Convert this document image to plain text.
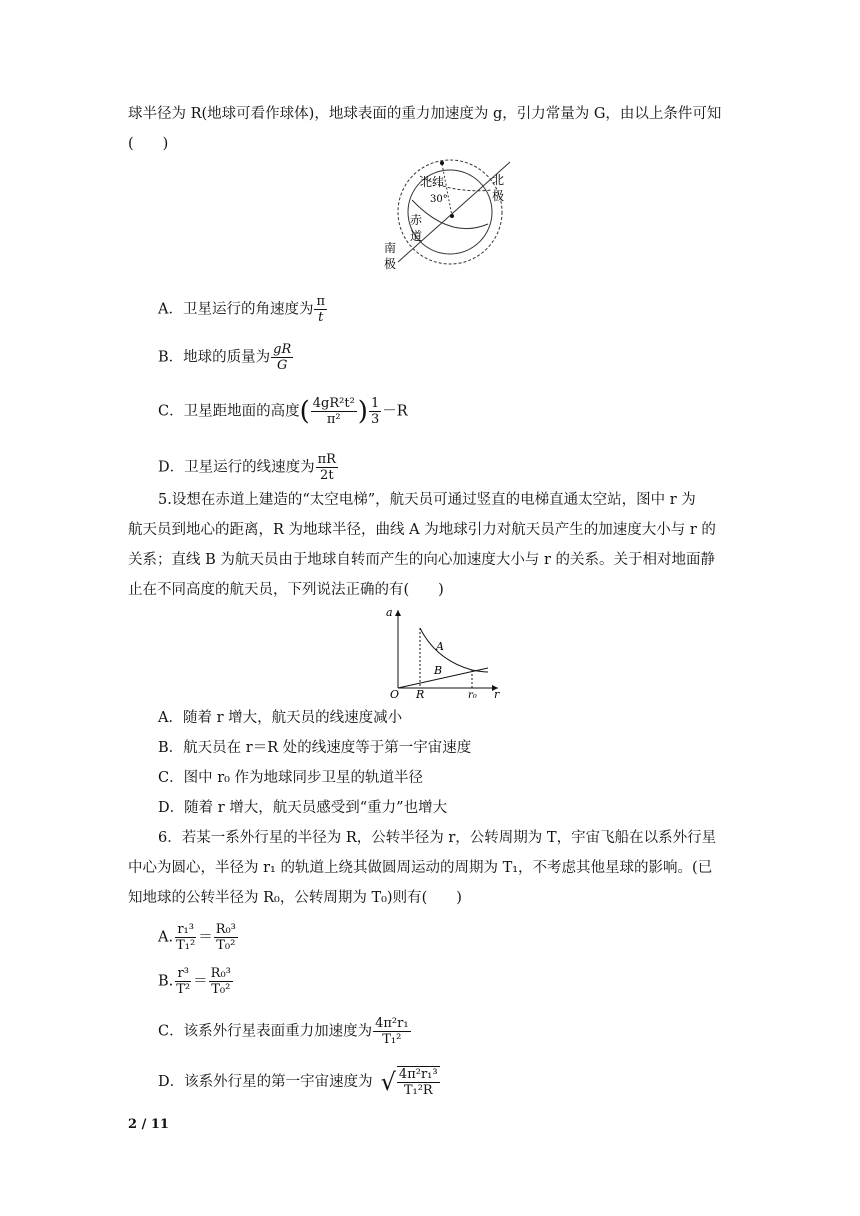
球半径为 R(地球可看作球体)，地球表面的重力加速度为 g，引力常量为 G，由以上条件可知
(　　)
北纬
30°
赤
道
北
极
南
极
A．卫星运行的角速度为 $\frac{\pi}{t}$
B．地球的质量为 $\frac{gR}{G}$
C．卫星距地面的高度( $\frac{\text{4gR²t²}}{\text{π²}}$ ) $\frac{1}{3} -R$
D．卫星运行的线速度为 $\frac{\pi R}{2t}$
5.设想在赤道上建造的“太空电梯”，航天员可通过竖直的电梯直通太空站，图中 r 为
航天员到地心的距离，R 为地球半径，曲线 A 为地球引力对航天员产生的加速度大小与 r 的
关系；直线 B 为航天员由于地球自转而产生的向心加速度大小与 r 的关系。关于相对地面静
止在不同高度的航天员，下列说法正确的有(　　)
a
O R	r₀ r
A
B
A．随着 r 增大，航天员的线速度减小
B．航天员在 r＝R 处的线速度等于第一宇宙速度
C．图中 r₀ 作为地球同步卫星的轨道半径
D．随着 r 增大，航天员感受到“重力”也增大
6．若某一系外行星的半径为 R，公转半径为 r，公转周期为 T，宇宙飞船在以系外行星
中心为圆心，半径为 r₁ 的轨道上绕其做圆周运动的周期为 T₁，不考虑其他星球的影响。(已
知地球的公转半径为 R₀，公转周期为 T₀)则有(　　)
A. $\frac{\text{r₁³}}{\text{T₁²}} = \frac{\text{R₀³}}{\text{T₀²}}$
B. $\frac{\text{r³}}{\text{T²}} = \frac{\text{R₀³}}{\text{T₀²}}$
C．该系外行星表面重力加速度为 $\frac{\text{4π²r₁}}{\text{T₁²}}$
D．该系外行星的第一宇宙速度为 √ $\frac{\text{4π²r₁³}}{\text{T₁²R}}$
2 / 11
